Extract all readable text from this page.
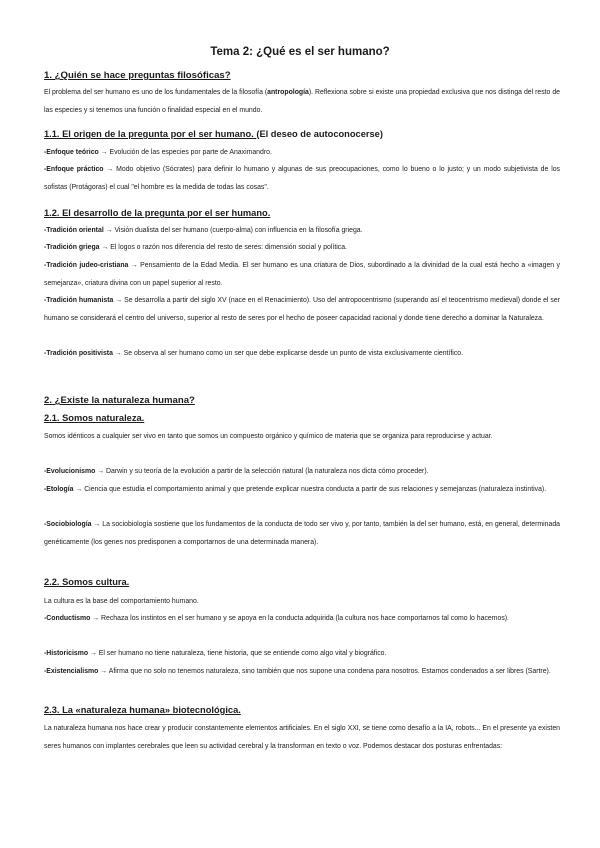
Tema 2: ¿Qué es el ser humano?
1. ¿Quién se hace preguntas filosóficas?

El problema del ser humano es uno de los fundamentales de la filosofía (antropología). Reflexiona sobre si existe una propiedad exclusiva que nos distinga del resto de las especies y si tenemos una función o finalidad especial en el mundo.

1.1. El origen de la pregunta por el ser humano. (El deseo de autoconocerse)

-Enfoque teórico → Evolución de las especies por parte de Anaximandro.

-Enfoque práctico → Modo objetivo (Sócrates) para definir lo humano y algunas de sus preocupaciones, como lo bueno o lo justo; y un modo subjetivista de los sofistas (Protágoras) el cual "el hombre es la medida de todas las cosas".

1.2. El desarrollo de la pregunta por el ser humano.

-Tradición oriental → Visión dualista del ser humano (cuerpo-alma) con influencia en la filosofía griega.

-Tradición griega → El logos o razón nos diferencia del resto de seres: dimensión social y política.

-Tradición judeo-cristiana → Pensamiento de la Edad Media. El ser humano es una criatura de Dios, subordinado a la divinidad de la cual está hecho a «imagen y semejanza», criatura divina con un papel superior al resto.

-Tradición humanista → Se desarrolla a partir del siglo XV (nace en el Renacimiento). Uso del antropocentrismo (superando así el teocentrismo medieval) donde el ser humano se considerará el centro del universo, superior al resto de seres por el hecho de poseer capacidad racional y donde tiene derecho a dominar la Naturaleza.

-Tradición positivista → Se observa al ser humano como un ser que debe explicarse desde un punto de vista exclusivamente científico.

2. ¿Existe la naturaleza humana?
2.1. Somos naturaleza.

Somos idénticos a cualquier ser vivo en tanto que somos un compuesto orgánico y químico de materia que se organiza para reproducirse y actuar.

-Evolucionismo → Darwin y su teoría de la evolución a partir de la selección natural (la naturaleza nos dicta cómo proceder).

-Etología → Ciencia que estudia el comportamiento animal y que pretende explicar nuestra conducta a partir de sus relaciones y semejanzas (naturaleza instintiva).

-Sociobiología → La sociobiología sostiene que los fundamentos de la conducta de todo ser vivo y, por tanto, también la del ser humano, está, en general, determinada genéticamente (los genes nos predisponen a comportarnos de una determinada manera).

2.2. Somos cultura.

La cultura es la base del comportamiento humano.

-Conductismo → Rechaza los instintos en el ser humano y se apoya en la conducta adquirida (la cultura nos hace comportarnos tal como lo hacemos).

-Historicismo → El ser humano no tiene naturaleza, tiene historia, que se entiende como algo vital y biográfico.

-Existencialismo → Afirma que no solo no tenemos naturaleza, sino también que nos supone una condena para nosotros. Estamos condenados a ser libres (Sartre).

2.3. La «naturaleza humana» biotecnológica.

La naturaleza humana nos hace crear y producir constantemente elementos artificiales. En el siglo XXI, se tiene como desafío a la IA, robots... En el presente ya existen seres humanos con implantes cerebrales que leen su actividad cerebral y la transforman en texto o voz. Podemos destacar dos posturas enfrentadas:
